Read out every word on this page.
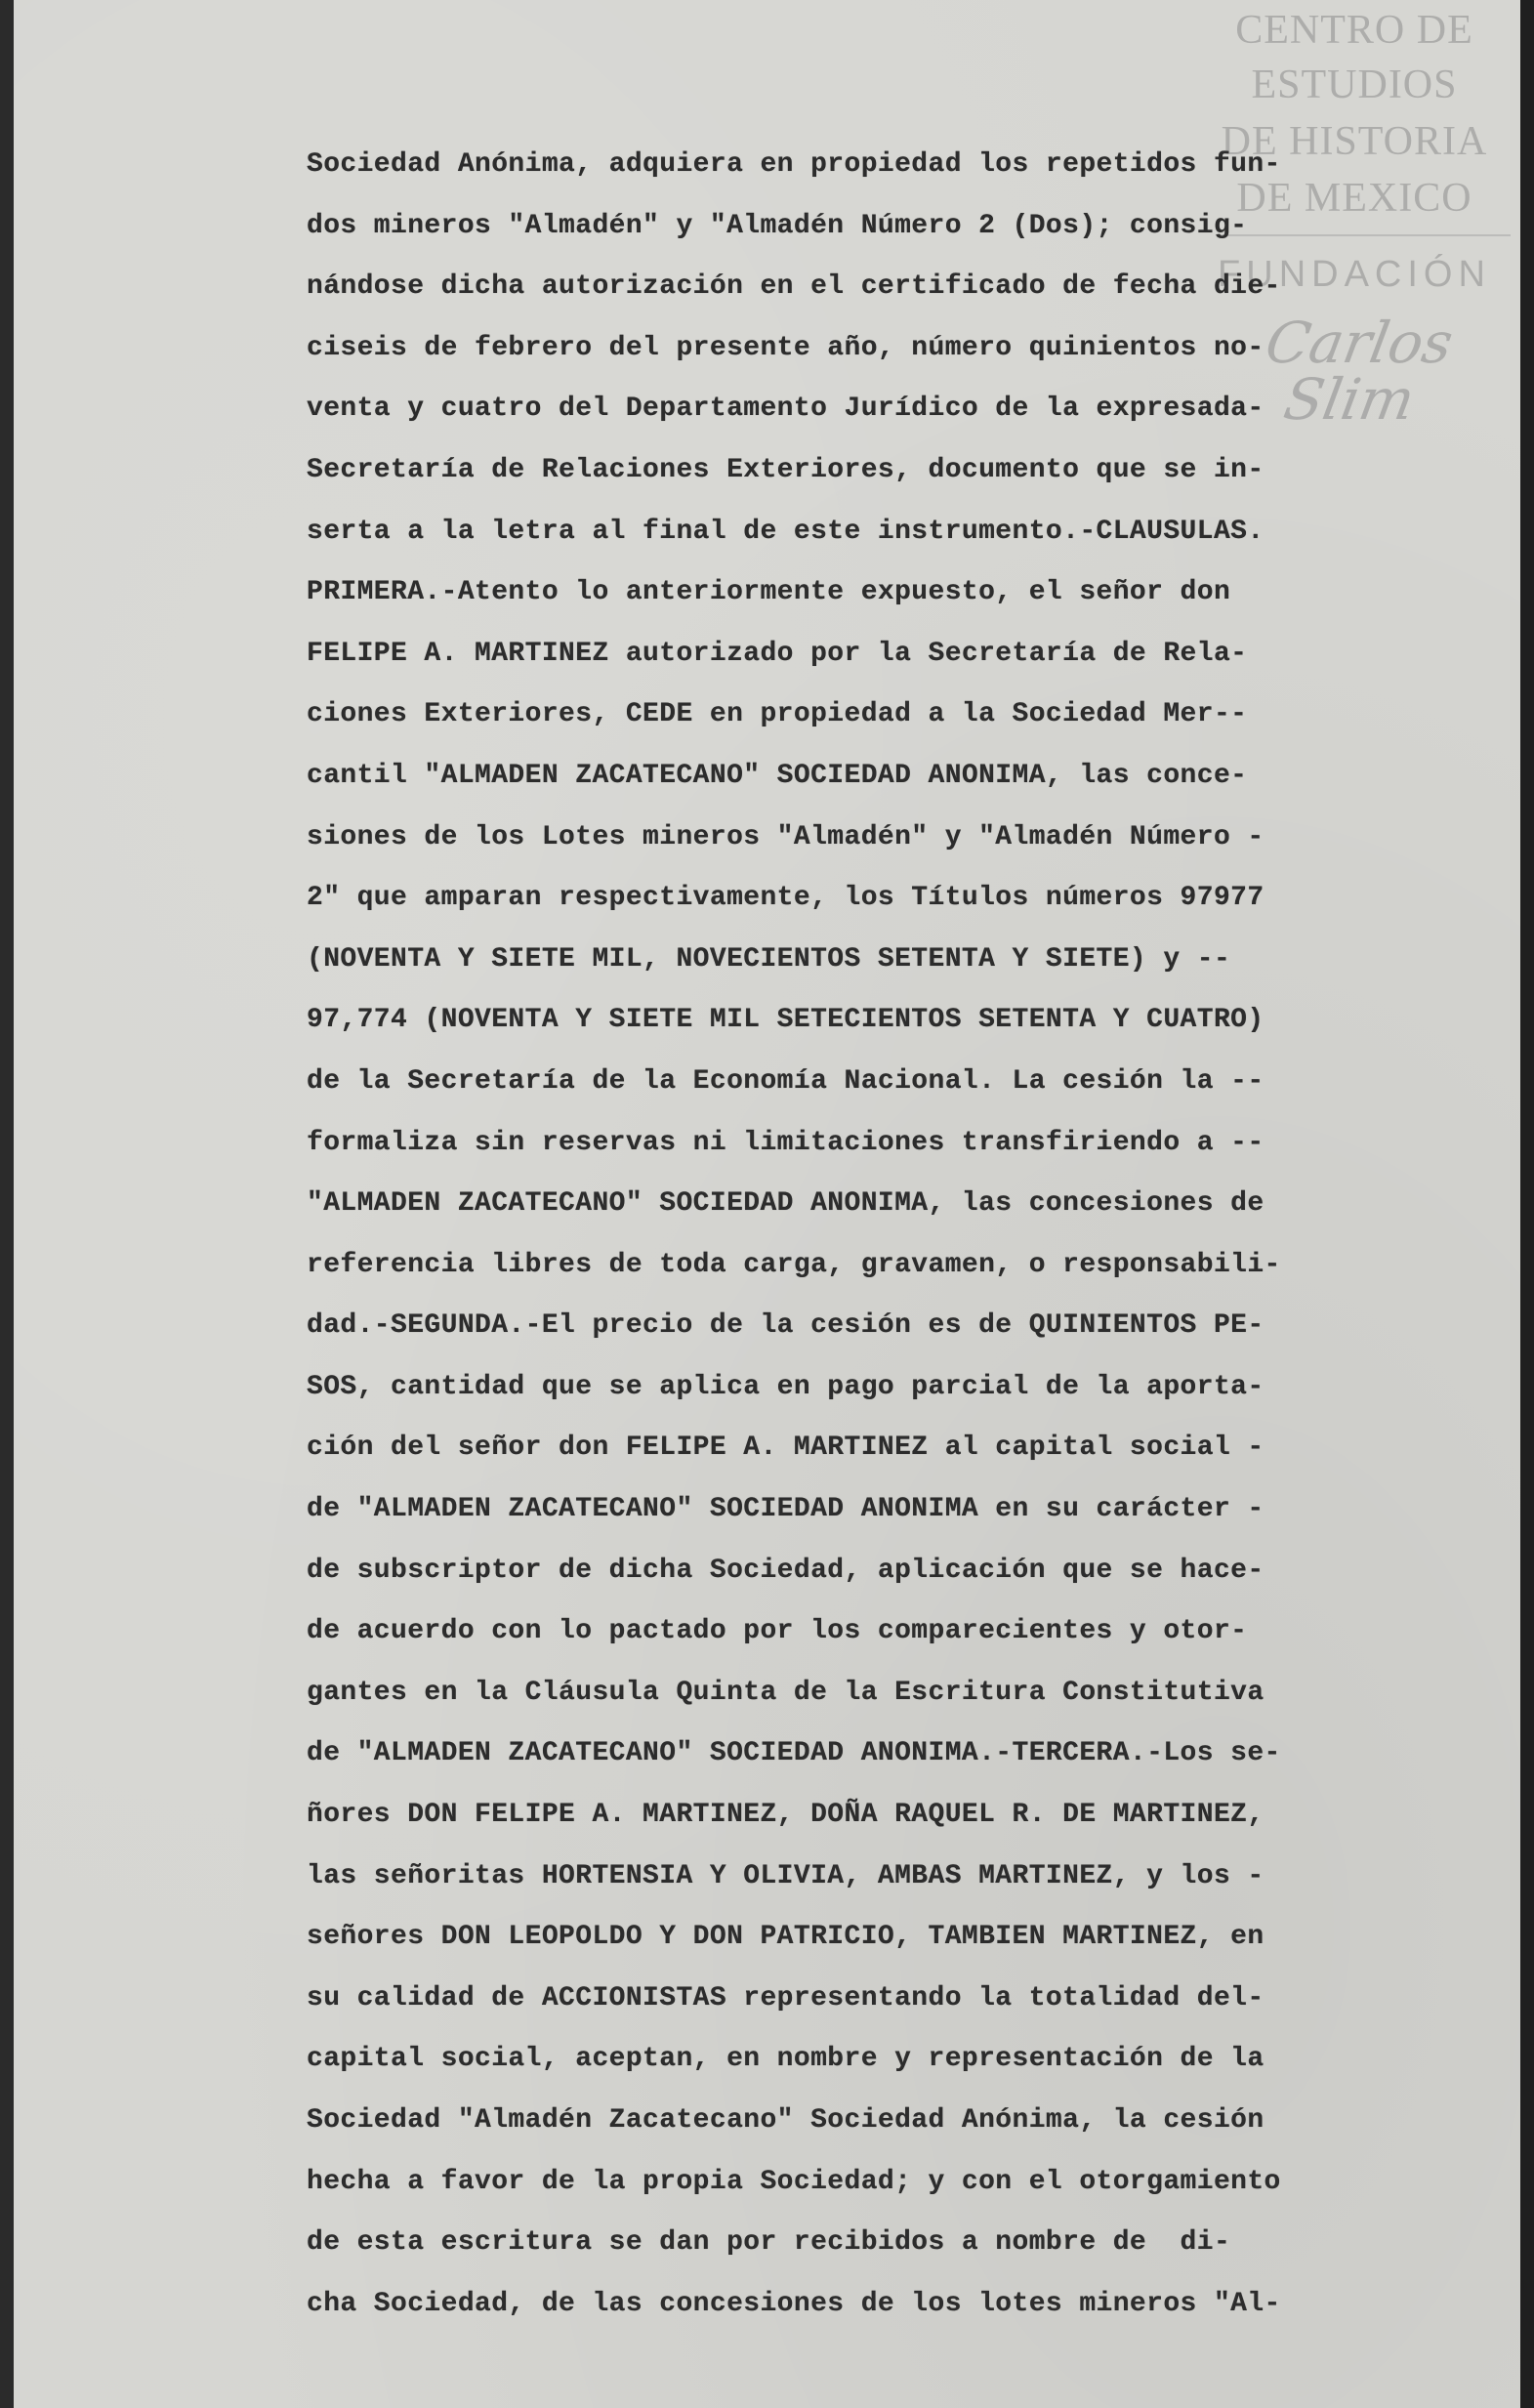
CENTRO DE
ESTUDIOS
DE HISTORIA
DE MEXICO
FUNDACIÓN
Carlos Slim
Sociedad Anónima, adquiera en propiedad los repetidos fun-
dos mineros "Almadén" y "Almadén Número 2 (Dos); consig-
nándose dicha autorización en el certificado de fecha die-
ciseis de febrero del presente año, número quinientos no-
venta y cuatro del Departamento Jurídico de la expresada-
Secretaría de Relaciones Exteriores, documento que se in-
serta a la letra al final de este instrumento.-CLAUSULAS.
PRIMERA.-Atento lo anteriormente expuesto, el señor don
FELIPE A. MARTINEZ autorizado por la Secretaría de Rela-
ciones Exteriores, CEDE en propiedad a la Sociedad Mer--
cantil "ALMADEN ZACATECANO" SOCIEDAD ANONIMA, las conce-
siones de los Lotes mineros "Almadén" y "Almadén Número -
2" que amparan respectivamente, los Títulos números 97977
(NOVENTA Y SIETE MIL, NOVECIENTOS SETENTA Y SIETE) y --
97,774 (NOVENTA Y SIETE MIL SETECIENTOS SETENTA Y CUATRO)
de la Secretaría de la Economía Nacional. La cesión la --
formaliza sin reservas ni limitaciones transfiriendo a --
"ALMADEN ZACATECANO" SOCIEDAD ANONIMA, las concesiones de
referencia libres de toda carga, gravamen, o responsabili-
dad.-SEGUNDA.-El precio de la cesión es de QUINIENTOS PE-
SOS, cantidad que se aplica en pago parcial de la aporta-
ción del señor don FELIPE A. MARTINEZ al capital social -
de "ALMADEN ZACATECANO" SOCIEDAD ANONIMA en su carácter -
de subscriptor de dicha Sociedad, aplicación que se hace-
de acuerdo con lo pactado por los comparecientes y otor-
gantes en la Cláusula Quinta de la Escritura Constitutiva
de "ALMADEN ZACATECANO" SOCIEDAD ANONIMA.-TERCERA.-Los se-
ñores DON FELIPE A. MARTINEZ, DOÑA RAQUEL R. DE MARTINEZ,
las señoritas HORTENSIA Y OLIVIA, AMBAS MARTINEZ, y los -
señores DON LEOPOLDO Y DON PATRICIO, TAMBIEN MARTINEZ, en
su calidad de ACCIONISTAS representando la totalidad del-
capital social, aceptan, en nombre y representación de la
Sociedad "Almadén Zacatecano" Sociedad Anónima, la cesión
hecha a favor de la propia Sociedad; y con el otorgamiento
de esta escritura se dan por recibidos a nombre de  di-
cha Sociedad, de las concesiones de los lotes mineros "Al-
